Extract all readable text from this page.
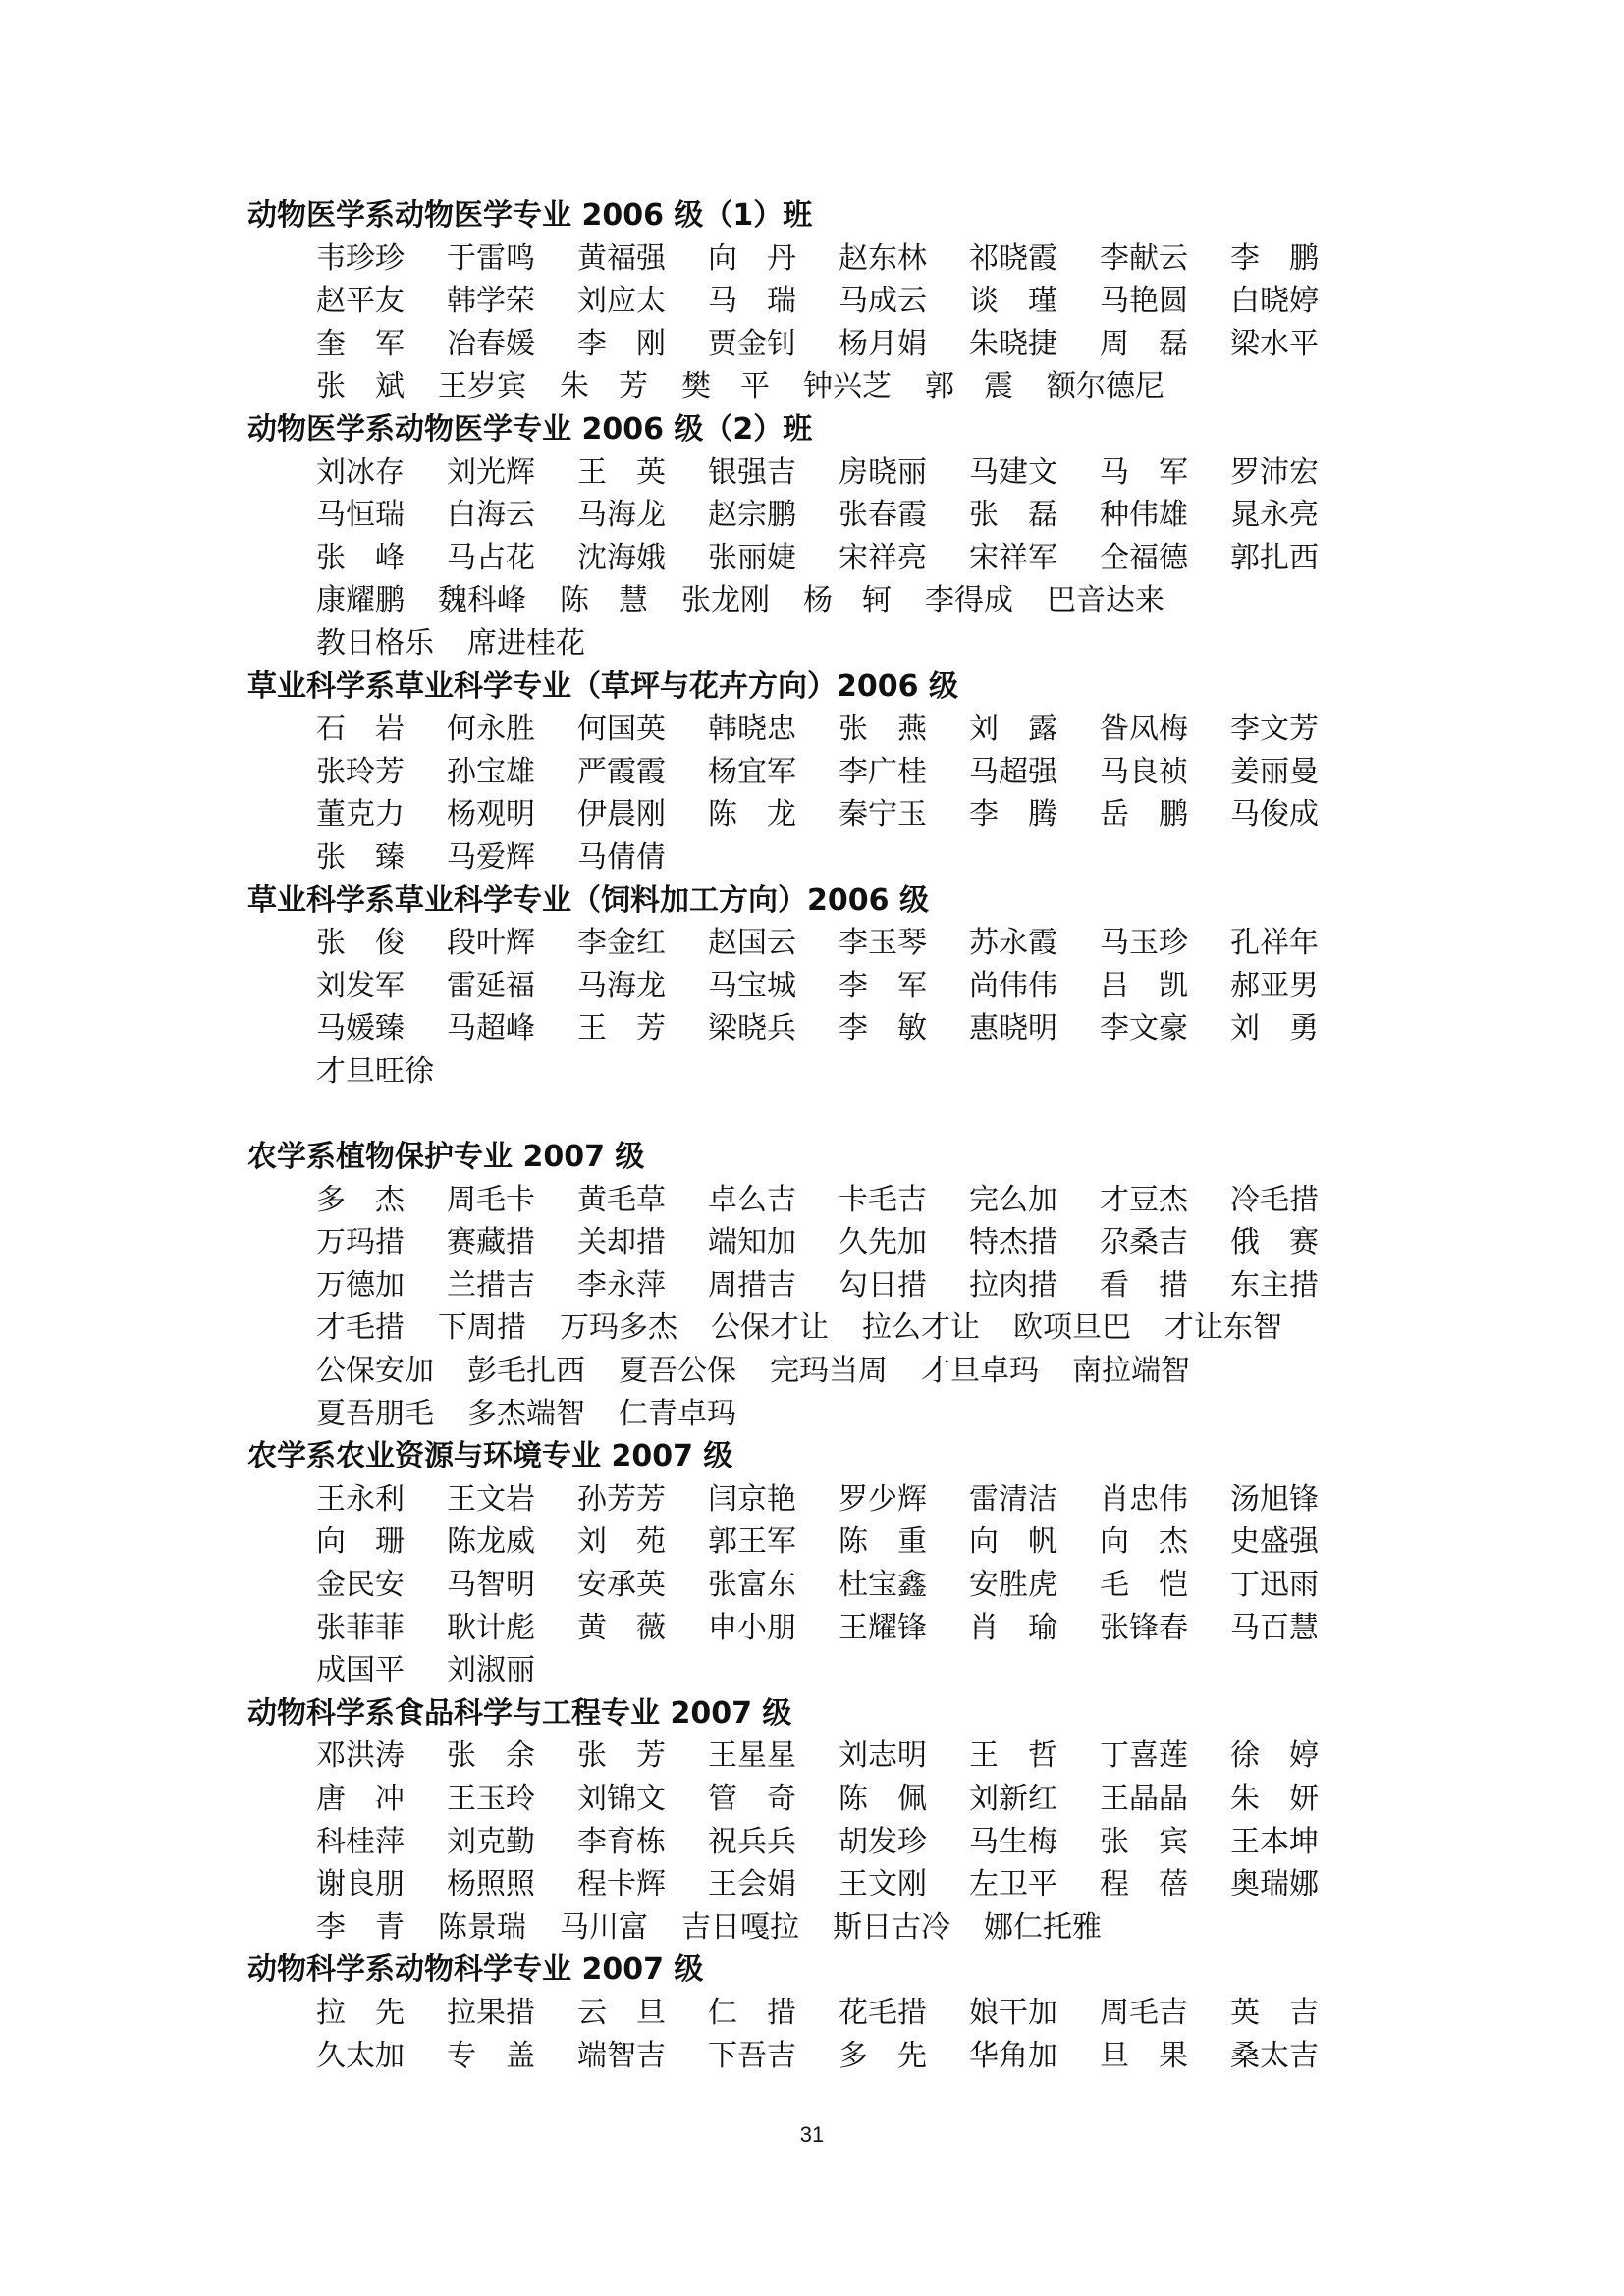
动物医学系动物医学专业 2006 级（1）班
韦珍珍	于雷鸣	黄福强	向　丹	赵东林	祁晓霞	李献云	李　鹏
赵平友	韩学荣	刘应太	马　瑞	马成云	谈　瑾	马艳圆	白晓婷
奎　军	冶春媛	李　刚	贾金钊	杨月娟	朱晓捷	周　磊	梁水平
张　斌 王岁宾 朱　芳 樊　平 钟兴芝 郭　震 额尔德尼
动物医学系动物医学专业 2006 级（2）班
刘冰存	刘光辉	王　英	银强吉	房晓丽	马建文	马　军	罗沛宏
马恒瑞	白海云	马海龙	赵宗鹏	张春霞	张　磊	种伟雄	晁永亮
张　峰	马占花	沈海娥	张丽婕	宋祥亮	宋祥军	全福德	郭扎西
康耀鹏 魏科峰 陈　慧 张龙刚 杨　轲 李得成 巴音达来
教日格乐 席进桂花
草业科学系草业科学专业（草坪与花卉方向）2006 级
石　岩	何永胜	何国英	韩晓忠	张　燕	刘　露	昝凤梅	李文芳
张玲芳	孙宝雄	严霞霞	杨宜军	李广桂	马超强	马良祯	姜丽曼
董克力	杨观明	伊晨刚	陈　龙	秦宁玉	李　腾	岳　鹏	马俊成
张　臻	马爱辉	马倩倩
草业科学系草业科学专业（饲料加工方向）2006 级
张　俊	段叶辉	李金红	赵国云	李玉琴	苏永霞	马玉珍	孔祥年
刘发军	雷延福	马海龙	马宝城	李　军	尚伟伟	吕　凯	郝亚男
马媛臻	马超峰	王　芳	梁晓兵	李　敏	惠晓明	李文豪	刘　勇
才旦旺徐
农学系植物保护专业 2007 级
多　杰	周毛卡	黄毛草	卓么吉	卡毛吉	完么加	才豆杰	冷毛措
万玛措	赛藏措	关却措	端知加	久先加	特杰措	尕桑吉	俄　赛
万德加	兰措吉	李永萍	周措吉	勾日措	拉肉措	看　措	东主措
才毛措 下周措 万玛多杰 公保才让 拉么才让 欧项旦巴 才让东智
公保安加 彭毛扎西 夏吾公保 完玛当周 才旦卓玛 南拉端智
夏吾朋毛 多杰端智 仁青卓玛
农学系农业资源与环境专业 2007 级
王永利	王文岩	孙芳芳	闫京艳	罗少辉	雷清洁	肖忠伟	汤旭锋
向　珊	陈龙威	刘　苑	郭王军	陈　重	向　帆	向　杰	史盛强
金民安	马智明	安承英	张富东	杜宝鑫	安胜虎	毛　恺	丁迅雨
张菲菲	耿计彪	黄　薇	申小朋	王耀锋	肖　瑜	张锋春	马百慧
成国平	刘淑丽
动物科学系食品科学与工程专业 2007 级
邓洪涛	张　余	张　芳	王星星	刘志明	王　哲	丁喜莲	徐　婷
唐　冲	王玉玲	刘锦文	管　奇	陈　佩	刘新红	王晶晶	朱　妍
科桂萍	刘克勤	李育栋	祝兵兵	胡发珍	马生梅	张　宾	王本坤
谢良朋	杨照照	程卡辉	王会娟	王文刚	左卫平	程　蓓	奥瑞娜
李　青 陈景瑞 马川富 吉日嘎拉 斯日古冷 娜仁托雅
动物科学系动物科学专业 2007 级
拉　先	拉果措	云　旦	仁　措	花毛措	娘干加	周毛吉	英　吉
久太加	专　盖	端智吉	下吾吉	多　先	华角加	旦　果	桑太吉
31
